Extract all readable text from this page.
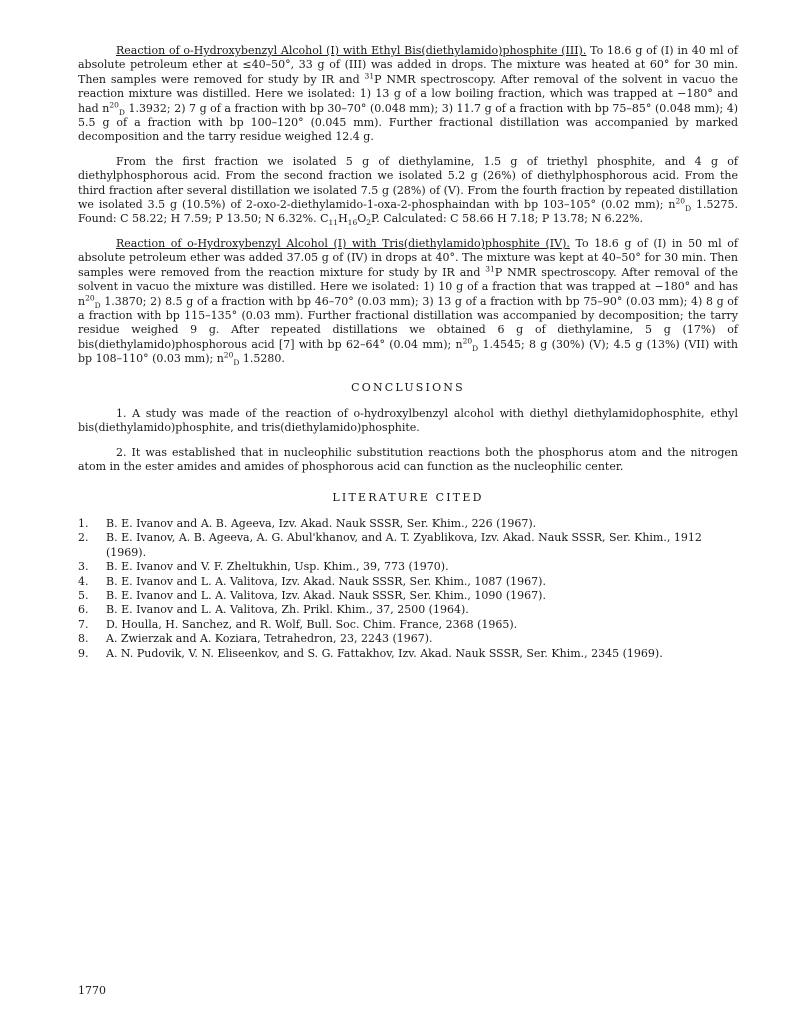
Reaction of o-Hydroxybenzyl Alcohol (I) with Ethyl Bis(diethylamido)phosphite (III). To 18.6 g of (I) in 40 ml of absolute petroleum ether at ≤40–50°, 33 g of (III) was added in drops. The mixture was heated at 60° for 30 min. Then samples were removed for study by IR and $^{31}$P NMR spectroscopy. After removal of the solvent in vacuo the reaction mixture was distilled. Here we isolated: 1) 13 g of a low boiling fraction, which was trapped at −180° and had $n^{20}_D$ 1.3932; 2) 7 g of a fraction with bp 30–70° (0.048 mm); 3) 11.7 g of a fraction with bp 75–85° (0.048 mm); 4) 5.5 g of a fraction with bp 100–120° (0.045 mm). Further fractional distillation was accompanied by marked decomposition and the tarry residue weighed 12.4 g.

From the first fraction we isolated 5 g of diethylamine, 1.5 g of triethyl phosphite, and 4 g of diethylphosphorous acid. From the second fraction we isolated 5.2 g (26%) of diethylphosphorous acid. From the third fraction after several distillation we isolated 7.5 g (28%) of (V). From the fourth fraction by repeated distillation we isolated 3.5 g (10.5%) of 2-oxo-2-diethylamido-1-oxa-2-phosphaindan with bp 103–105° (0.02 mm); $n^{20}_D$ 1.5275. Found: C 58.22; H 7.59; P 13.50; N 6.32%. $C_{11}H_{16}O_2P$. Calculated: C 58.66 H 7.18; P 13.78; N 6.22%.

Reaction of o-Hydroxybenzyl Alcohol (I) with Tris(diethylamido)phosphite (IV). To 18.6 g of (I) in 50 ml of absolute petroleum ether was added 37.05 g of (IV) in drops at 40°. The mixture was kept at 40–50° for 30 min. Then samples were removed from the reaction mixture for study by IR and $^{31}$P NMR spectroscopy. After removal of the solvent in vacuo the mixture was distilled. Here we isolated: 1) 10 g of a fraction that was trapped at −180° and has $n^{20}_D$ 1.3870; 2) 8.5 g of a fraction with bp 46–70° (0.03 mm); 3) 13 g of a fraction with bp 75–90° (0.03 mm); 4) 8 g of a fraction with bp 115–135° (0.03 mm). Further fractional distillation was accompanied by decomposition; the tarry residue weighed 9 g. After repeated distillations we obtained 6 g of diethylamine, 5 g (17%) of bis(diethylamido)phosphorous acid [7] with bp 62–64° (0.04 mm); $n^{20}_D$ 1.4545; 8 g (30%) (V); 4.5 g (13%) (VII) with bp 108–110° (0.03 mm); $n^{20}_D$ 1.5280.

CONCLUSIONS

1. A study was made of the reaction of o-hydroxylbenzyl alcohol with diethyl diethylamidophosphite, ethyl bis(diethylamido)phosphite, and tris(diethylamido)phosphite.

2. It was established that in nucleophilic substitution reactions both the phosphorus atom and the nitrogen atom in the ester amides and amides of phosphorous acid can function as the nucleophilic center.

LITERATURE CITED
1.	B. E. Ivanov and A. B. Ageeva, Izv. Akad. Nauk SSSR, Ser. Khim., 226 (1967).
2.	B. E. Ivanov, A. B. Ageeva, A. G. Abul'khanov, and A. T. Zyablikova, Izv. Akad. Nauk SSSR, Ser. Khim., 1912 (1969).
3.	B. E. Ivanov and V. F. Zheltukhin, Usp. Khim., 39, 773 (1970).
4.	B. E. Ivanov and L. A. Valitova, Izv. Akad. Nauk SSSR, Ser. Khim., 1087 (1967).
5.	B. E. Ivanov and L. A. Valitova, Izv. Akad. Nauk SSSR, Ser. Khim., 1090 (1967).
6.	B. E. Ivanov and L. A. Valitova, Zh. Prikl. Khim., 37, 2500 (1964).
7.	D. Houlla, H. Sanchez, and R. Wolf, Bull. Soc. Chim. France, 2368 (1965).
8.	A. Zwierzak and A. Koziara, Tetrahedron, 23, 2243 (1967).
9.	A. N. Pudovik, V. N. Eliseenkov, and S. G. Fattakhov, Izv. Akad. Nauk SSSR, Ser. Khim., 2345 (1969).
1770
